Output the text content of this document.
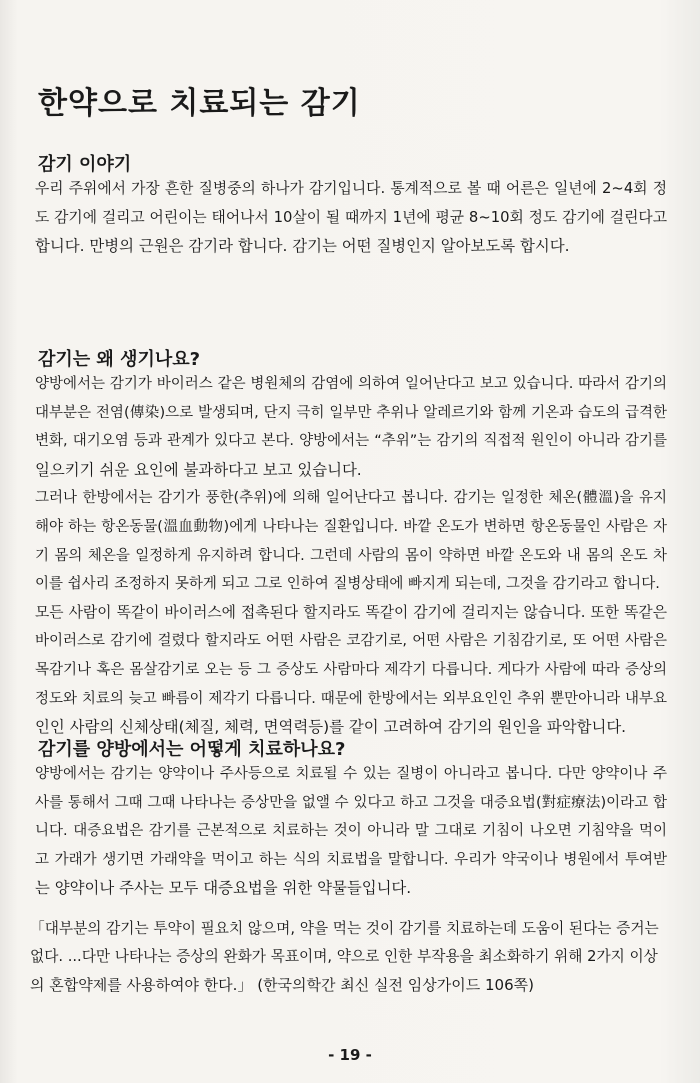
한약으로 치료되는 감기
감기 이야기
우리 주위에서 가장 흔한 질병중의 하나가 감기입니다. 통계적으로 볼 때 어른은 일년에 2~4회 정
도 감기에 걸리고 어린이는 태어나서 10살이 될 때까지 1년에 평균 8~10회 정도 감기에 걸린다고
합니다. 만병의 근원은 감기라 합니다. 감기는 어떤 질병인지 알아보도록 합시다.
감기는 왜 생기나요?
양방에서는 감기가 바이러스 같은 병원체의 감염에 의하여 일어난다고 보고 있습니다. 따라서 감기의
대부분은 전염(傳染)으로 발생되며, 단지 극히 일부만 추위나 알레르기와 함께 기온과 습도의 급격한
변화, 대기오염 등과 관계가 있다고 본다. 양방에서는 “추위”는 감기의 직접적 원인이 아니라 감기를
일으키기 쉬운 요인에 불과하다고 보고 있습니다.
그러나 한방에서는 감기가 풍한(추위)에 의해 일어난다고 봅니다. 감기는 일정한 체온(體溫)을 유지
해야 하는 항온동물(溫血動物)에게 나타나는 질환입니다. 바깥 온도가 변하면 항온동물인 사람은 자
기 몸의 체온을 일정하게 유지하려 합니다. 그런데 사람의 몸이 약하면 바깥 온도와 내 몸의 온도 차
이를 쉽사리 조정하지 못하게 되고 그로 인하여 질병상태에 빠지게 되는데, 그것을 감기라고 합니다.
모든 사람이 똑같이 바이러스에 접촉된다 할지라도 똑같이 감기에 걸리지는 않습니다. 또한 똑같은
바이러스로 감기에 걸렸다 할지라도 어떤 사람은 코감기로, 어떤 사람은 기침감기로, 또 어떤 사람은
목감기나 혹은 몸살감기로 오는 등 그 증상도 사람마다 제각기 다릅니다. 게다가 사람에 따라 증상의
정도와 치료의 늦고 빠름이 제각기 다릅니다. 때문에 한방에서는 외부요인인 추위 뿐만아니라 내부요
인인 사람의 신체상태(체질, 체력, 면역력등)를 같이 고려하여 감기의 원인을 파악합니다.
감기를 양방에서는 어떻게 치료하나요?
양방에서는 감기는 양약이나 주사등으로 치료될 수 있는 질병이 아니라고 봅니다. 다만 양약이나 주
사를 통해서 그때 그때 나타나는 증상만을 없앨 수 있다고 하고 그것을 대증요법(對症療法)이라고 합
니다. 대증요법은 감기를 근본적으로 치료하는 것이 아니라 말 그대로 기침이 나오면 기침약을 먹이
고 가래가 생기면 가래약을 먹이고 하는 식의 치료법을 말합니다. 우리가 약국이나 병원에서 투여받
는 양약이나 주사는 모두 대증요법을 위한 약물들입니다.
「대부분의 감기는 투약이 필요치 않으며, 약을 먹는 것이 감기를 치료하는데 도움이 된다는 증거는
없다. ...다만 나타나는 증상의 완화가 목표이며, 약으로 인한 부작용을 최소화하기 위해 2가지 이상
의 혼합약제를 사용하여야 한다.」 (한국의학간 최신 실전 임상가이드 106쪽)
- 19 -
